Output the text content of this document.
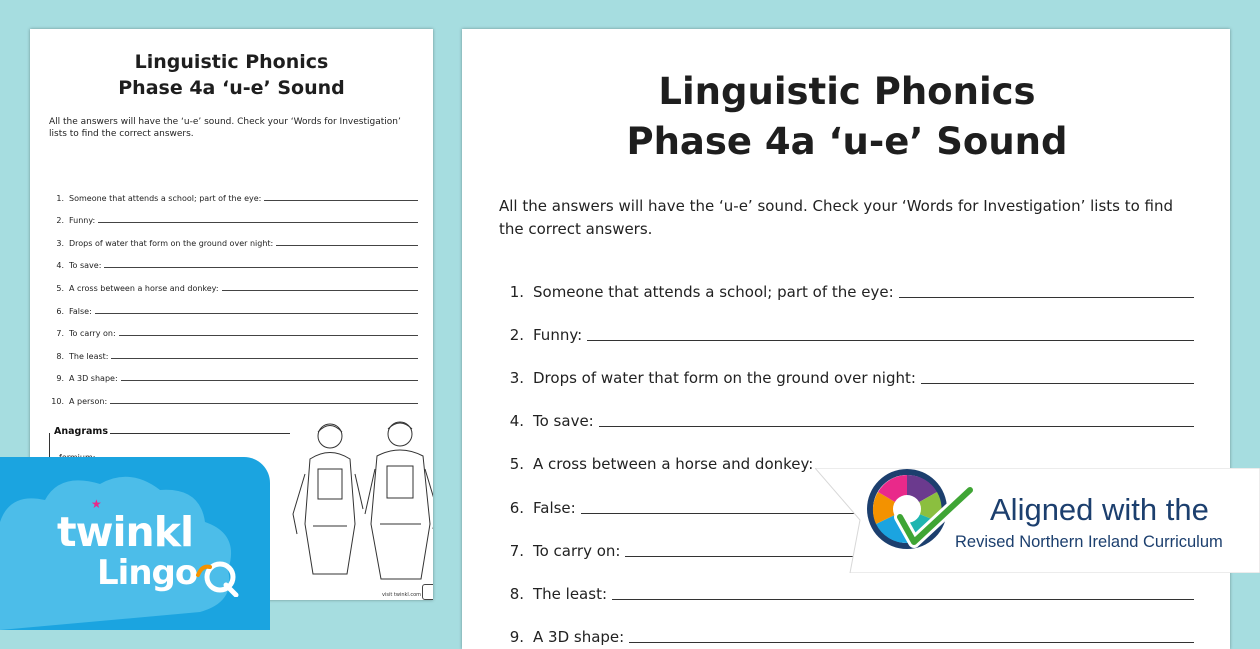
Linguistic Phonics
Phase 4a ‘u-e’ Sound
All the answers will have the ‘u-e’ sound. Check your ‘Words for Investigation’ lists to find the correct answers.
1. Someone that attends a school; part of the eye:
2. Funny:
3. Drops of water that form on the ground over night:
4. To save:
5. A cross between a horse and donkey:
6. False:
7. To carry on:
8. The least:
9. A 3D shape:
10. A person:
Anagrams
visit twinkl.com
Linguistic Phonics
Phase 4a ‘u-e’ Sound
All the answers will have the ‘u-e’ sound. Check your ‘Words for Investigation’ lists to find
the correct answers.
1. Someone that attends a school; part of the eye:
2. Funny:
3. Drops of water that form on the ground over night:
4. To save:
5. A cross between a horse and donkey:
6. False:
7. To carry on:
8. The least:
9. A 3D shape:
★
twinkl
Lingo
Aligned with the
Revised Northern Ireland Curriculum
